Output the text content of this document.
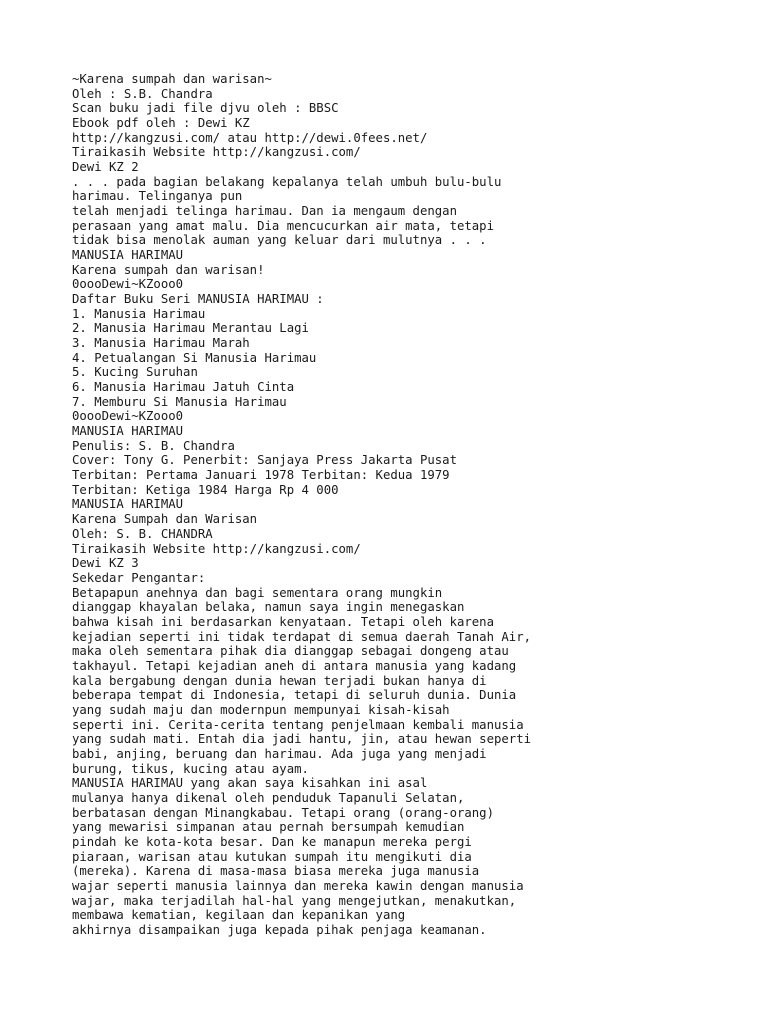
~Karena sumpah dan warisan~
Oleh : S.B. Chandra
Scan buku jadi file djvu oleh : BBSC
Ebook pdf oleh : Dewi KZ
http://kangzusi.com/ atau http://dewi.0fees.net/
Tiraikasih Website http://kangzusi.com/
Dewi KZ 2
. . . pada bagian belakang kepalanya telah umbuh bulu-bulu
harimau. Telinganya pun
telah menjadi telinga harimau. Dan ia mengaum dengan
perasaan yang amat malu. Dia mencucurkan air mata, tetapi
tidak bisa menolak auman yang keluar dari mulutnya . . .
MANUSIA HARIMAU
Karena sumpah dan warisan!
0oooDewi~KZooo0
Daftar Buku Seri MANUSIA HARIMAU :
1. Manusia Harimau
2. Manusia Harimau Merantau Lagi
3. Manusia Harimau Marah
4. Petualangan Si Manusia Harimau
5. Kucing Suruhan
6. Manusia Harimau Jatuh Cinta
7. Memburu Si Manusia Harimau
0oooDewi~KZooo0
MANUSIA HARIMAU
Penulis: S. B. Chandra
Cover: Tony G. Penerbit: Sanjaya Press Jakarta Pusat
Terbitan: Pertama Januari 1978 Terbitan: Kedua 1979
Terbitan: Ketiga 1984 Harga Rp 4 000
MANUSIA HARIMAU
Karena Sumpah dan Warisan
Oleh: S. B. CHANDRA
Tiraikasih Website http://kangzusi.com/
Dewi KZ 3
Sekedar Pengantar:
Betapapun anehnya dan bagi sementara orang mungkin
dianggap khayalan belaka, namun saya ingin menegaskan
bahwa kisah ini berdasarkan kenyataan. Tetapi oleh karena
kejadian seperti ini tidak terdapat di semua daerah Tanah Air,
maka oleh sementara pihak dia dianggap sebagai dongeng atau
takhayul. Tetapi kejadian aneh di antara manusia yang kadang
kala bergabung dengan dunia hewan terjadi bukan hanya di
beberapa tempat di Indonesia, tetapi di seluruh dunia. Dunia
yang sudah maju dan modernpun mempunyai kisah-kisah
seperti ini. Cerita-cerita tentang penjelmaan kembali manusia
yang sudah mati. Entah dia jadi hantu, jin, atau hewan seperti
babi, anjing, beruang dan harimau. Ada juga yang menjadi
burung, tikus, kucing atau ayam.
MANUSIA HARIMAU yang akan saya kisahkan ini asal
mulanya hanya dikenal oleh penduduk Tapanuli Selatan,
berbatasan dengan Minangkabau. Tetapi orang (orang-orang)
yang mewarisi simpanan atau pernah bersumpah kemudian
pindah ke kota-kota besar. Dan ke manapun mereka pergi
piaraan, warisan atau kutukan sumpah itu mengikuti dia
(mereka). Karena di masa-masa biasa mereka juga manusia
wajar seperti manusia lainnya dan mereka kawin dengan manusia
wajar, maka terjadilah hal-hal yang mengejutkan, menakutkan,
membawa kematian, kegilaan dan kepanikan yang
akhirnya disampaikan juga kepada pihak penjaga keamanan.
